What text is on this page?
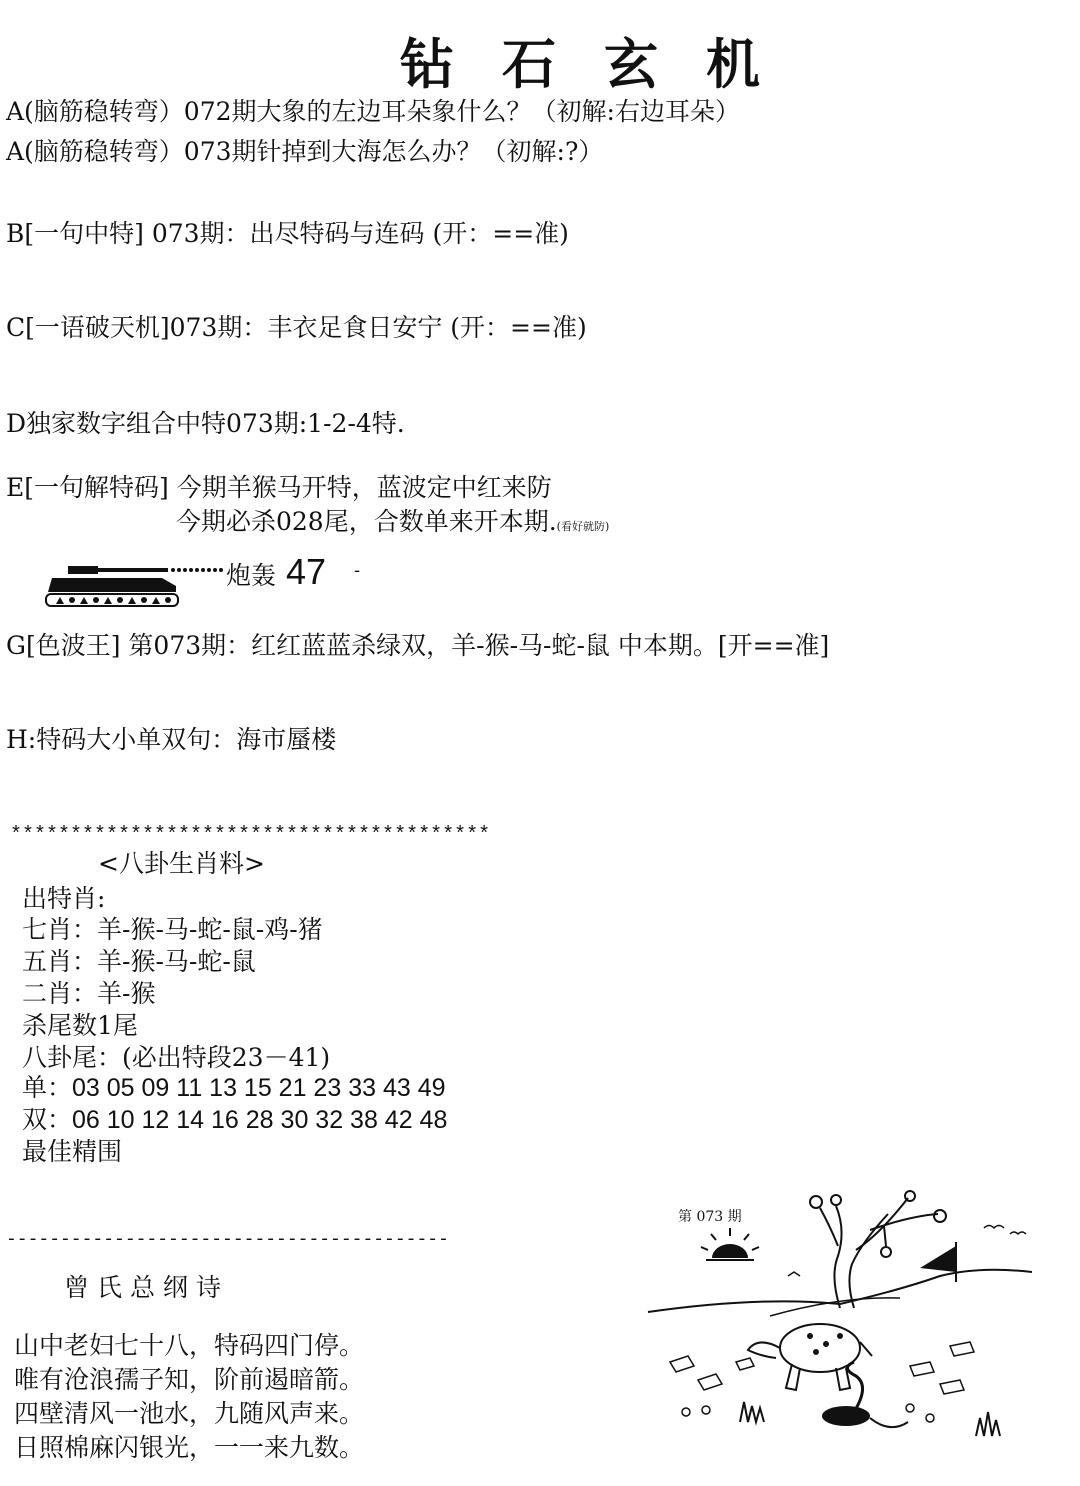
钻石玄机
A(脑筋稳转弯）072期大象的左边耳朵象什么？（初解:右边耳朵）
A(脑筋稳转弯）073期针掉到大海怎么办？（初解:?）
B[一句中特] 073期：出尽特码与连码 (开：==准)
C[一语破天机]073期：丰衣足食日安宁 (开：==准)
D独家数字组合中特073期:1-2-4特.
E[一句解特码] 今期羊猴马开特，蓝波定中红来防
今期必杀028尾，合数单来开本期.(看好就防)
炮轰 47 -
G[色波王] 第073期：红红蓝蓝杀绿双，羊-猴-马-蛇-鼠 中本期。[开==准]
H:特码大小单双句：海市蜃楼
****************************************
<八卦生肖料>
出特肖:
七肖：羊-猴-马-蛇-鼠-鸡-猪
五肖：羊-猴-马-蛇-鼠
二肖：羊-猴
杀尾数1尾
八卦尾：(必出特段23－41)
单：03 05 09 11 13 15 21 23 33 43 49
双：06 10 12 14 16 28 30 32 38 42 48
最佳精围
-----------------------------------------
曾氏总纲诗
山中老妇七十八，特码四门停。
唯有沧浪孺子知，阶前遏暗箭。
四壁清风一池水，九随风声来。
日照棉麻闪银光，一一来九数。
第 073 期
